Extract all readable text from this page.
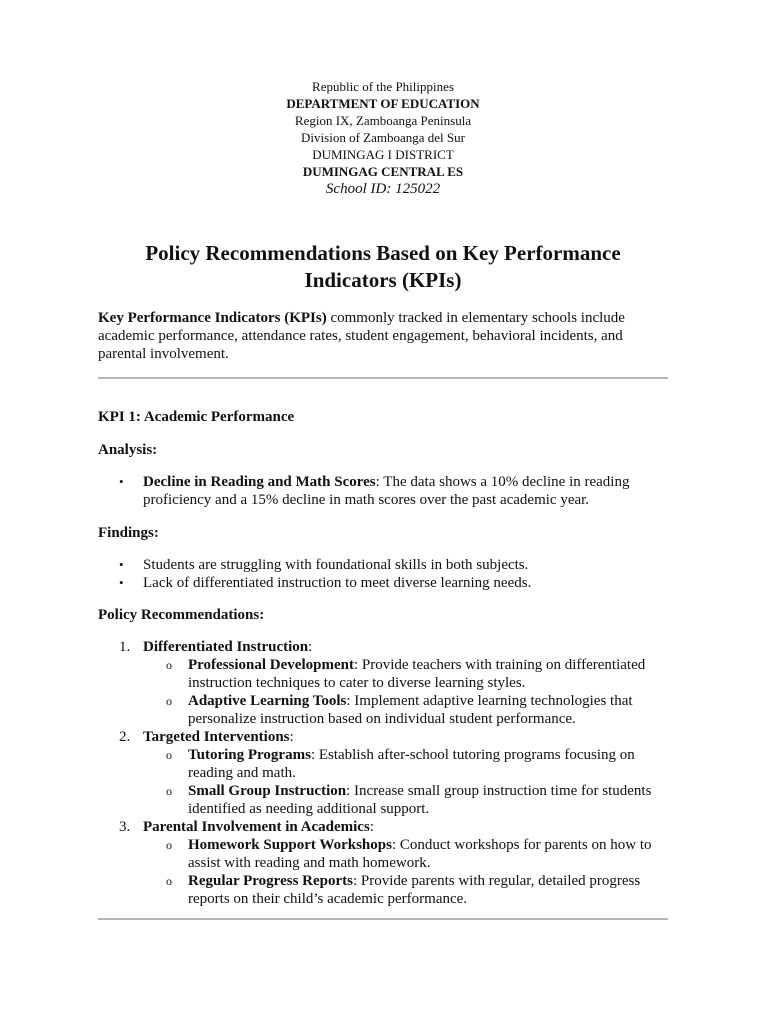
Republic of the Philippines
DEPARTMENT OF EDUCATION
Region IX, Zamboanga Peninsula
Division of Zamboanga del Sur
DUMINGAG I DISTRICT
DUMINGAG CENTRAL ES
School ID: 125022
Policy Recommendations Based on Key Performance Indicators (KPIs)

Key Performance Indicators (KPIs) commonly tracked in elementary schools include academic performance, attendance rates, student engagement, behavioral incidents, and parental involvement.

KPI 1: Academic Performance

Analysis:

• Decline in Reading and Math Scores: The data shows a 10% decline in reading proficiency and a 15% decline in math scores over the past academic year.

Findings:

• Students are struggling with foundational skills in both subjects.
• Lack of differentiated instruction to meet diverse learning needs.

Policy Recommendations:

1. Differentiated Instruction:
o Professional Development: Provide teachers with training on differentiated instruction techniques to cater to diverse learning styles.
o Adaptive Learning Tools: Implement adaptive learning technologies that personalize instruction based on individual student performance.
2. Targeted Interventions:
o Tutoring Programs: Establish after-school tutoring programs focusing on reading and math.
o Small Group Instruction: Increase small group instruction time for students identified as needing additional support.
3. Parental Involvement in Academics:
o Homework Support Workshops: Conduct workshops for parents on how to assist with reading and math homework.
o Regular Progress Reports: Provide parents with regular, detailed progress reports on their child’s academic performance.
